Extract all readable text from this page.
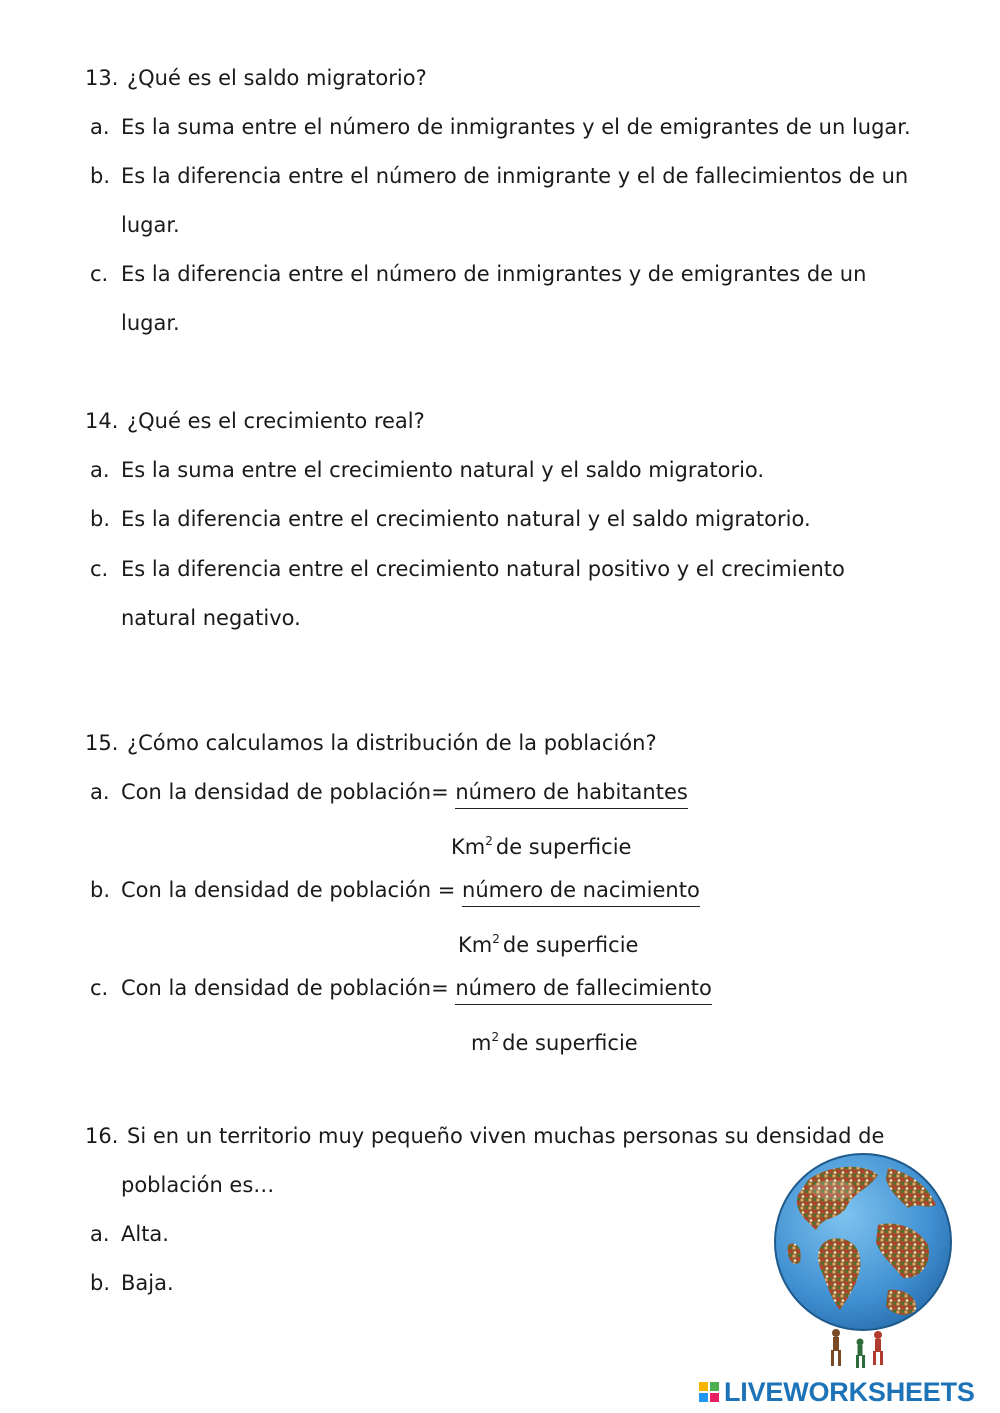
13. ¿Qué es el saldo migratorio?
a. Es la suma entre el número de inmigrantes y el de emigrantes de un lugar.
b. Es la diferencia entre el número de inmigrante y el de fallecimientos de un
lugar.
c. Es la diferencia entre el número de inmigrantes y de emigrantes de un
lugar.
14. ¿Qué es el crecimiento real?
a. Es la suma entre el crecimiento natural y el saldo migratorio.
b. Es la diferencia entre el crecimiento natural y el saldo migratorio.
c. Es la diferencia entre el crecimiento natural positivo y el crecimiento
natural negativo.
15. ¿Cómo calculamos la distribución de la población?
a. Con la densidad de población= número de habitantes
Km$^2$ de superficie
b. Con la densidad de población = número de nacimiento
Km$^2$ de superficie
c. Con la densidad de población= número de fallecimiento
$m^2$ de superficie
16. Si en un territorio muy pequeño viven muchas personas su densidad de
población es…
a. Alta.
b. Baja.
LIVEWORKSHEETS
